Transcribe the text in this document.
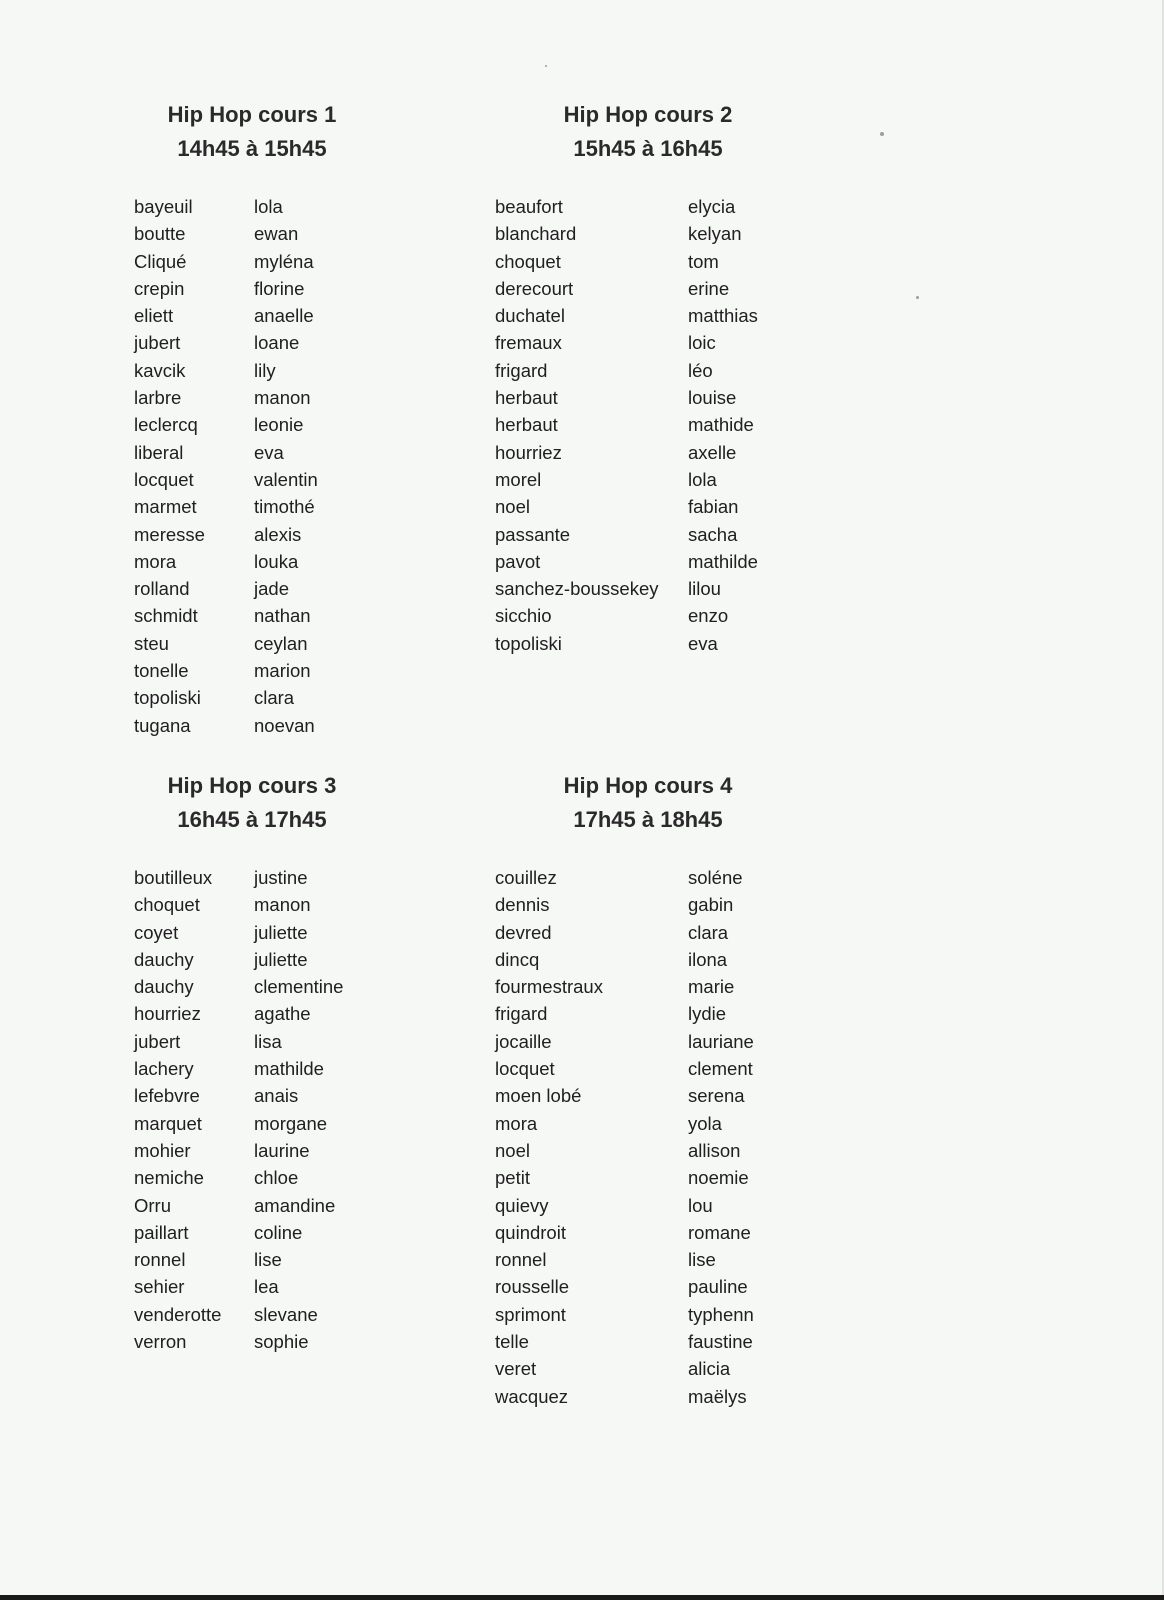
Hip Hop cours 1
14h45 à 15h45
bayeuil
boutte
Cliqué
crepin
eliett
jubert
kavcik
larbre
leclercq
liberal
locquet
marmet
meresse
mora
rolland
schmidt
steu
tonelle
topoliski
tugana
lola
ewan
myléna
florine
anaelle
loane
lily
manon
leonie
eva
valentin
timothé
alexis
louka
jade
nathan
ceylan
marion
clara
noevan
Hip Hop cours 2
15h45 à 16h45
beaufort
blanchard
choquet
derecourt
duchatel
fremaux
frigard
herbaut
herbaut
hourriez
morel
noel
passante
pavot
sanchez-boussekey
sicchio
topoliski
elycia
kelyan
tom
erine
matthias
loic
léo
louise
mathide
axelle
lola
fabian
sacha
mathilde
lilou
enzo
eva
Hip Hop cours 3
16h45 à 17h45
boutilleux
choquet
coyet
dauchy
dauchy
hourriez
jubert
lachery
lefebvre
marquet
mohier
nemiche
Orru
paillart
ronnel
sehier
venderotte
verron
justine
manon
juliette
juliette
clementine
agathe
lisa
mathilde
anais
morgane
laurine
chloe
amandine
coline
lise
lea
slevane
sophie
Hip Hop cours 4
17h45 à 18h45
couillez
dennis
devred
dincq
fourmestraux
frigard
jocaille
locquet
moen lobé
mora
noel
petit
quievy
quindroit
ronnel
rousselle
sprimont
telle
veret
wacquez
soléne
gabin
clara
ilona
marie
lydie
lauriane
clement
serena
yola
allison
noemie
lou
romane
lise
pauline
typhenn
faustine
alicia
maëlys
